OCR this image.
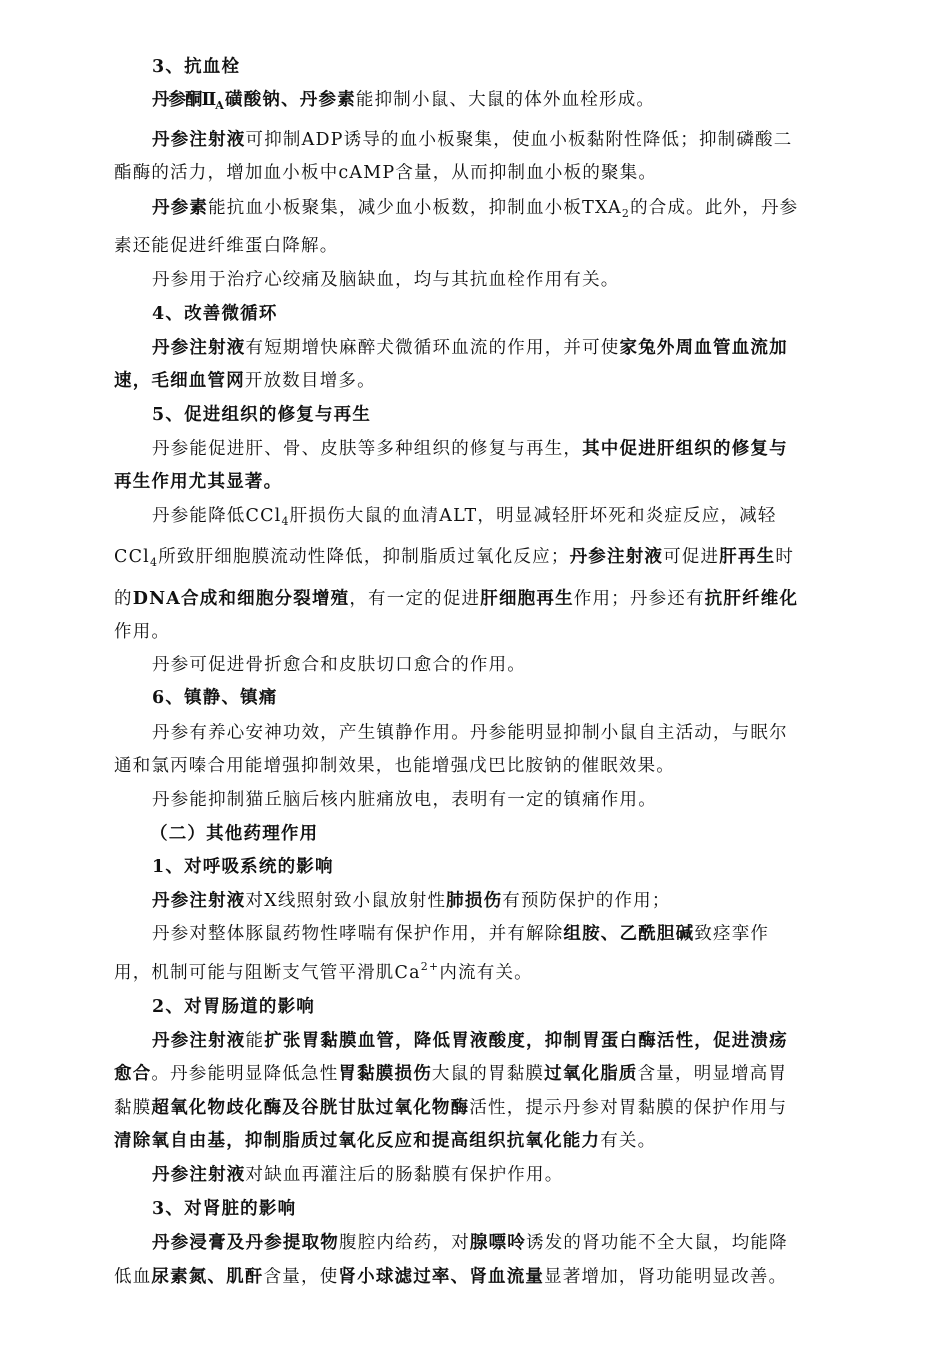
3、抗血栓

丹参酮$Ⅱ_A$磺酸钠、丹参素能抑制小鼠、大鼠的体外血栓形成。

丹参注射液可抑制ADP诱导的血小板聚集，使血小板黏附性降低；抑制磷酸二

酯酶的活力，增加血小板中cAMP含量，从而抑制血小板的聚集。

丹参素能抗血小板聚集，减少血小板数，抑制血小板$TXA_2$的合成。此外，丹参

素还能促进纤维蛋白降解。

丹参用于治疗心绞痛及脑缺血，均与其抗血栓作用有关。

4、改善微循环

丹参注射液有短期增快麻醉犬微循环血流的作用，并可使家兔外周血管血流加

速，毛细血管网开放数目增多。

5、促进组织的修复与再生

丹参能促进肝、骨、皮肤等多种组织的修复与再生，其中促进肝组织的修复与

再生作用尤其显著。

丹参能降低CCl$_4$肝损伤大鼠的血清ALT，明显减轻肝坏死和炎症反应，减轻

CCl$_4$所致肝细胞膜流动性降低，抑制脂质过氧化反应；丹参注射液可促进肝再生时

的DNA合成和细胞分裂增殖，有一定的促进肝细胞再生作用；丹参还有抗肝纤维化

作用。

丹参可促进骨折愈合和皮肤切口愈合的作用。

6、镇静、镇痛

丹参有养心安神功效，产生镇静作用。丹参能明显抑制小鼠自主活动，与眠尔

通和氯丙嗪合用能增强抑制效果，也能增强戊巴比胺钠的催眠效果。

丹参能抑制猫丘脑后核内脏痛放电，表明有一定的镇痛作用。

（二）其他药理作用

1、对呼吸系统的影响

丹参注射液对X线照射致小鼠放射性肺损伤有预防保护的作用；

丹参对整体豚鼠药物性哮喘有保护作用，并有解除组胺、乙酰胆碱致痉挛作

用，机制可能与阻断支气管平滑肌$Ca^{2+}$内流有关。

2、对胃肠道的影响

丹参注射液能扩张胃黏膜血管，降低胃液酸度，抑制胃蛋白酶活性，促进溃疡

愈合。丹参能明显降低急性胃黏膜损伤大鼠的胃黏膜过氧化脂质含量，明显增高胃

黏膜超氧化物歧化酶及谷胱甘肽过氧化物酶活性，提示丹参对胃黏膜的保护作用与

清除氧自由基，抑制脂质过氧化反应和提高组织抗氧化能力有关。

丹参注射液对缺血再灌注后的肠黏膜有保护作用。

3、对肾脏的影响

丹参浸膏及丹参提取物腹腔内给药，对腺嘌呤诱发的肾功能不全大鼠，均能降

低血尿素氮、肌酐含量，使肾小球滤过率、肾血流量显著增加，肾功能明显改善。
